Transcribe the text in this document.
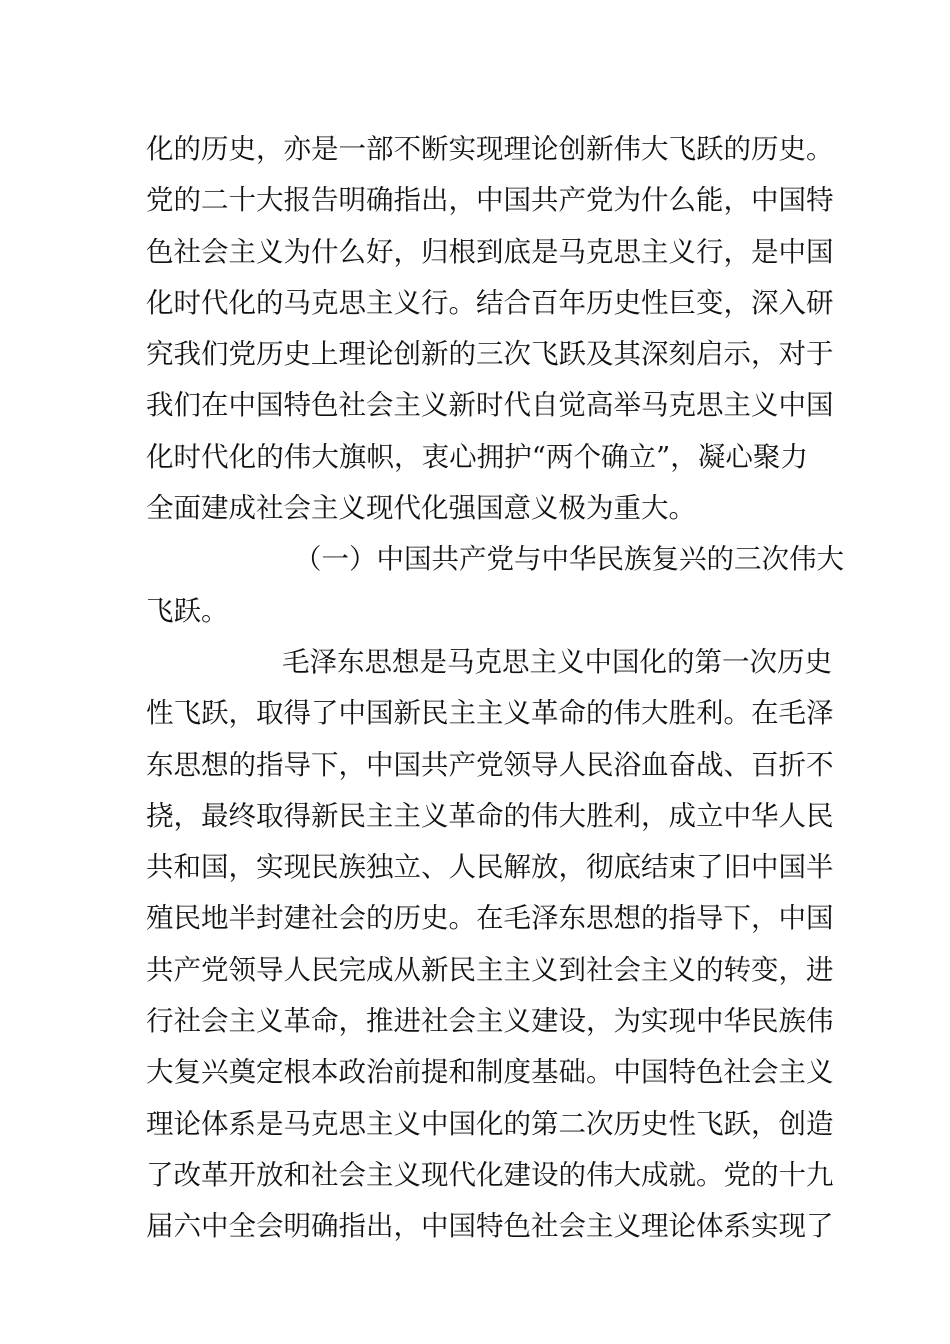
化的历史，亦是一部不断实现理论创新伟大飞跃的历史。
党的二十大报告明确指出，中国共产党为什么能，中国特
色社会主义为什么好，归根到底是马克思主义行，是中国
化时代化的马克思主义行。结合百年历史性巨变，深入研
究我们党历史上理论创新的三次飞跃及其深刻启示，对于
我们在中国特色社会主义新时代自觉高举马克思主义中国
化时代化的伟大旗帜，衷心拥护“两个确立”，凝心聚力
全面建成社会主义现代化强国意义极为重大。
（一）中国共产党与中华民族复兴的三次伟大
飞跃。
毛泽东思想是马克思主义中国化的第一次历史
性飞跃，取得了中国新民主主义革命的伟大胜利。在毛泽
东思想的指导下，中国共产党领导人民浴血奋战、百折不
挠，最终取得新民主主义革命的伟大胜利，成立中华人民
共和国，实现民族独立、人民解放，彻底结束了旧中国半
殖民地半封建社会的历史。在毛泽东思想的指导下，中国
共产党领导人民完成从新民主主义到社会主义的转变，进
行社会主义革命，推进社会主义建设，为实现中华民族伟
大复兴奠定根本政治前提和制度基础。中国特色社会主义
理论体系是马克思主义中国化的第二次历史性飞跃，创造
了改革开放和社会主义现代化建设的伟大成就。党的十九
届六中全会明确指出，中国特色社会主义理论体系实现了
